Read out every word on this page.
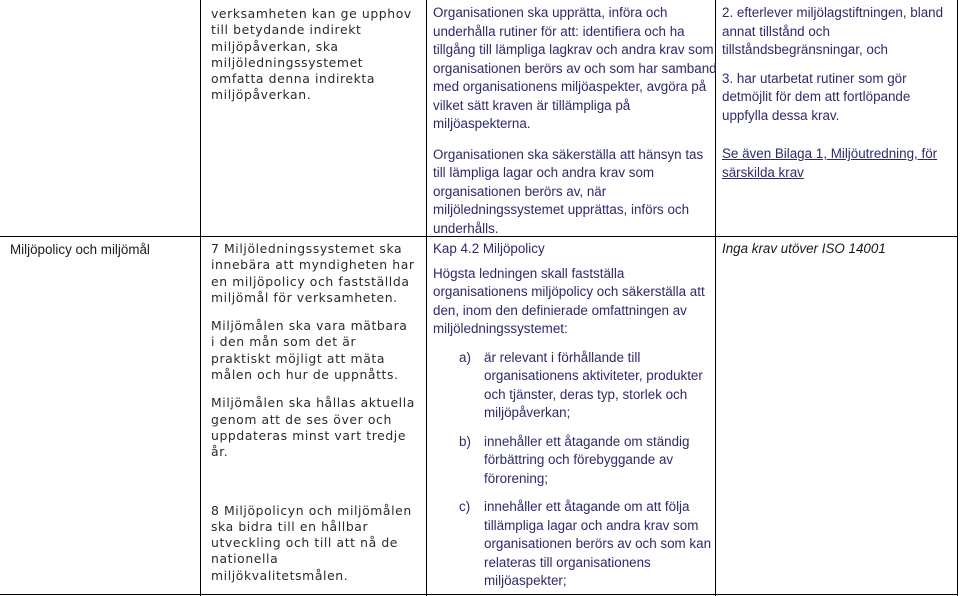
verksamheten kan ge upphov till betydande indirekt miljöpåverkan, ska miljöledningssystemet omfatta denna indirekta miljöpåverkan.

Organisationen ska upprätta, införa och underhålla rutiner för att: identifiera och ha tillgång till lämpliga lagkrav och andra krav som organisationen berörs av och som har samband med organisationens miljöaspekter, avgöra på vilket sätt kraven är tillämpliga på miljöaspekterna.

Organisationen ska säkerställa att hänsyn tas till lämpliga lagar och andra krav som organisationen berörs av, när miljöledningssystemet upprättas, införs och underhålls.

2. efterlever miljölagstiftningen, bland annat tillstånd och tillståndsbegränsningar, och

3. har utarbetat rutiner som gör detmöjlit för dem att fortlöpande uppfylla dessa krav.

Se även Bilaga 1, Miljöutredning, för särskilda krav

Miljöpolicy och miljömål	7 Miljöledningssystemet ska innebära att myndigheten har en miljöpolicy och fastställda miljömål för verksamheten.

Miljömålen ska vara mätbara i den mån som det är praktiskt möjligt att mäta målen och hur de uppnåtts.

Miljömålen ska hållas aktuella genom att de ses över och uppdateras minst vart tredje år.

8 Miljöpolicyn och miljömålen ska bidra till en hållbar utveckling och till att nå de nationella miljökvalitetsmålen.

Kap 4.2 Miljöpolicy

Högsta ledningen skall fastställa organisationens miljöpolicy och säkerställa att den, inom den definierade omfattningen av miljöledningssystemet:

a) är relevant i förhållande till organisationens aktiviteter, produkter och tjänster, deras typ, storlek och miljöpåverkan;
b) innehåller ett åtagande om ständig förbättring och förebyggande av förorening;
c)	innehåller ett åtagande om att följa tillämpliga lagar och andra krav som organisationen berörs av och som kan relateras till organisationens miljöaspekter;

Inga krav utöver ISO 14001
